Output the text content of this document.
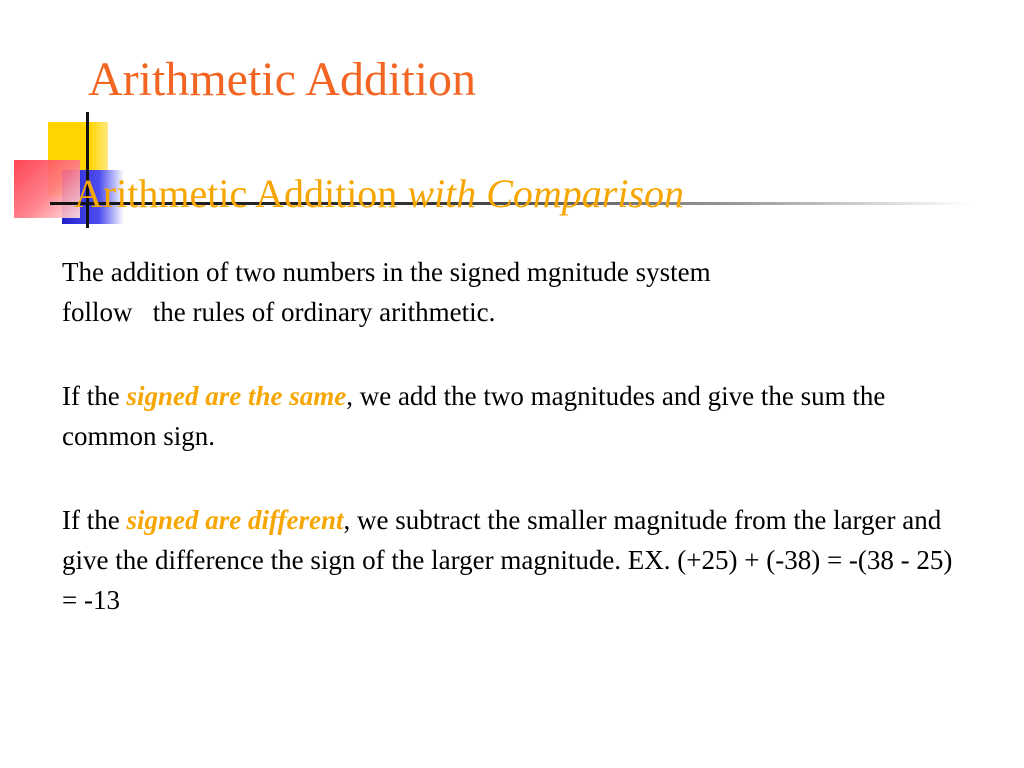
Arithmetic Addition
Arithmetic Addition with Comparison

The addition of two numbers in the signed mgnitude system
follow the rules of ordinary arithmetic.

If the signed are the same, we add the two magnitudes and give the sum the common sign.

If the signed are different, we subtract the smaller magnitude from the larger and give the difference the sign of the larger magnitude. EX. (+25) + (-38) = -(38 - 25) = -13
